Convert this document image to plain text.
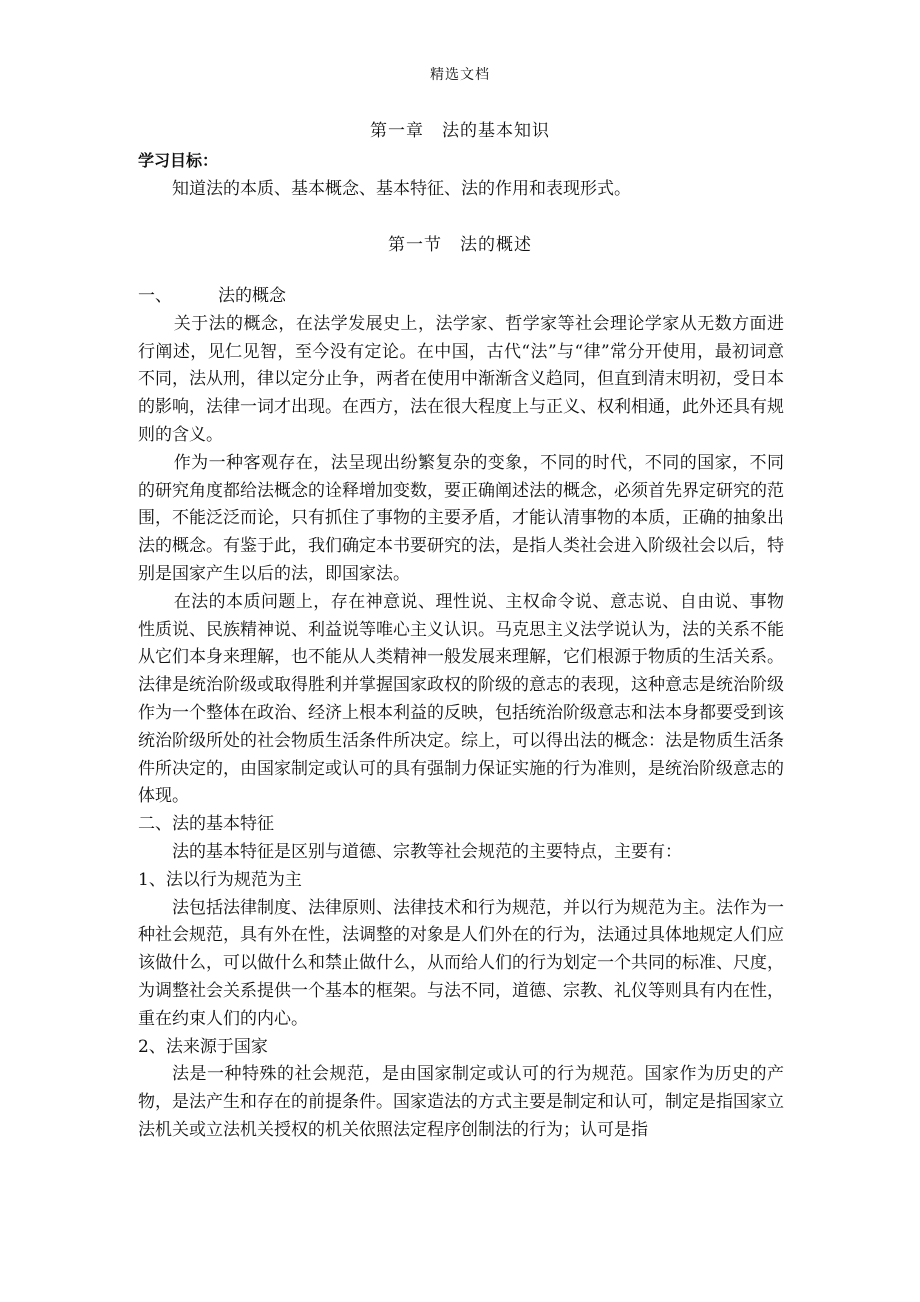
精选文档
第一章　法的基本知识
学习目标：
知道法的本质、基本概念、基本特征、法的作用和表现形式。
第一节　法的概述

一、	法的概念

关于法的概念，在法学发展史上，法学家、哲学家等社会理论学家从无数方面进行阐述，见仁见智，至今没有定论。在中国，古代“法”与“律”常分开使用，最初词意不同，法从刑，律以定分止争，两者在使用中渐渐含义趋同，但直到清末明初，受日本的影响，法律一词才出现。在西方，法在很大程度上与正义、权利相通，此外还具有规则的含义。

作为一种客观存在，法呈现出纷繁复杂的变象，不同的时代，不同的国家，不同的研究角度都给法概念的诠释增加变数，要正确阐述法的概念，必须首先界定研究的范围，不能泛泛而论，只有抓住了事物的主要矛盾，才能认清事物的本质，正确的抽象出法的概念。有鉴于此，我们确定本书要研究的法，是指人类社会进入阶级社会以后，特别是国家产生以后的法，即国家法。

在法的本质问题上，存在神意说、理性说、主权命令说、意志说、自由说、事物性质说、民族精神说、利益说等唯心主义认识。马克思主义法学说认为，法的关系不能从它们本身来理解，也不能从人类精神一般发展来理解，它们根源于物质的生活关系。法律是统治阶级或取得胜利并掌握国家政权的阶级的意志的表现，这种意志是统治阶级作为一个整体在政治、经济上根本利益的反映，包括统治阶级意志和法本身都要受到该统治阶级所处的社会物质生活条件所决定。综上，可以得出法的概念：法是物质生活条件所决定的，由国家制定或认可的具有强制力保证实施的行为准则，是统治阶级意志的体现。

二、法的基本特征

法的基本特征是区别与道德、宗教等社会规范的主要特点，主要有：

1、法以行为规范为主

法包括法律制度、法律原则、法律技术和行为规范，并以行为规范为主。法作为一种社会规范，具有外在性，法调整的对象是人们外在的行为，法通过具体地规定人们应该做什么，可以做什么和禁止做什么，从而给人们的行为划定一个共同的标准、尺度，为调整社会关系提供一个基本的框架。与法不同，道德、宗教、礼仪等则具有内在性，重在约束人们的内心。

2、法来源于国家

法是一种特殊的社会规范，是由国家制定或认可的行为规范。国家作为历史的产物，是法产生和存在的前提条件。国家造法的方式主要是制定和认可，制定是指国家立法机关或立法机关授权的机关依照法定程序创制法的行为；认可是指
